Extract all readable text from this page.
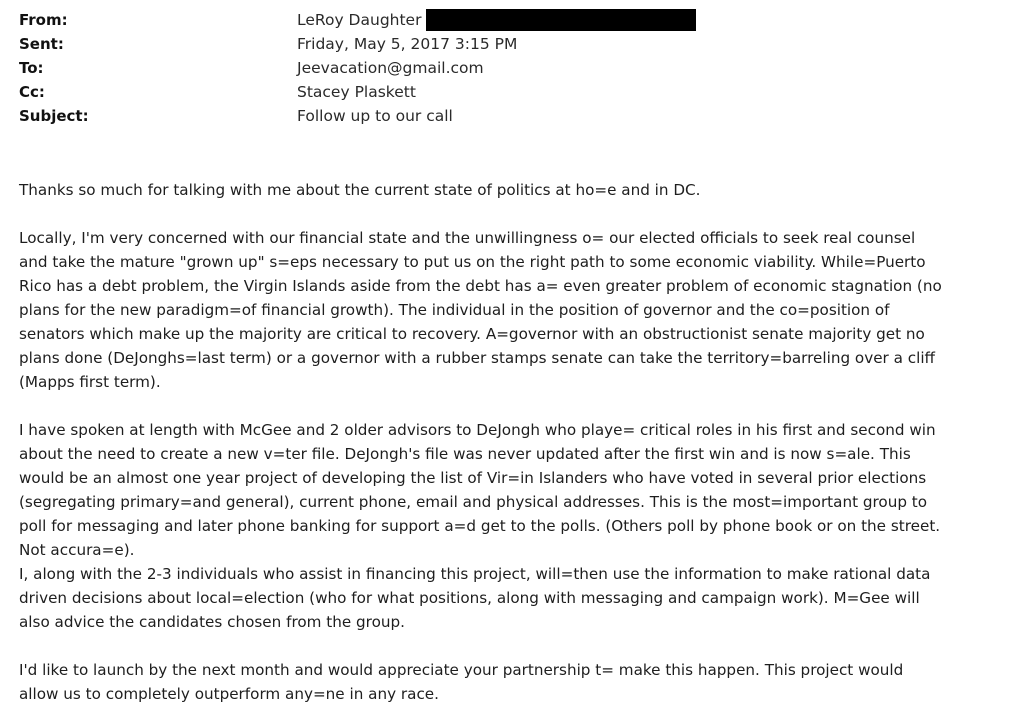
From:	LeRoy Daughter
Sent:	Friday, May 5, 2017 3:15 PM
To:	Jeevacation@gmail.com
Cc:	Stacey Plaskett
Subject:	Follow up to our call
Thanks so much for talking with me about the current state of politics at ho=e and in DC.
Locally, I'm very concerned with our financial state and the unwillingness o= our elected officials to seek real counsel
and take the mature "grown up" s=eps necessary to put us on the right path to some economic viability. While=Puerto
Rico has a debt problem, the Virgin Islands aside from the debt has a= even greater problem of economic stagnation (no
plans for the new paradigm=of financial growth). The individual in the position of governor and the co=position of
senators which make up the majority are critical to recovery. A=governor with an obstructionist senate majority get no
plans done (DeJonghs=last term) or a governor with a rubber stamps senate can take the territory=barreling over a cliff
(Mapps first term).
I have spoken at length with McGee and 2 older advisors to DeJongh who playe= critical roles in his first and second win
about the need to create a new v=ter file. DeJongh's file was never updated after the first win and is now s=ale. This
would be an almost one year project of developing the list of Vir=in Islanders who have voted in several prior elections
(segregating primary=and general), current phone, email and physical addresses. This is the most=important group to
poll for messaging and later phone banking for support a=d get to the polls. (Others poll by phone book or on the street.
Not accura=e).
I, along with the 2-3 individuals who assist in financing this project, will=then use the information to make rational data
driven decisions about local=election (who for what positions, along with messaging and campaign work). M=Gee will
also advice the candidates chosen from the group.
I'd like to launch by the next month and would appreciate your partnership t= make this happen. This project would
allow us to completely outperform any=ne in any race.
